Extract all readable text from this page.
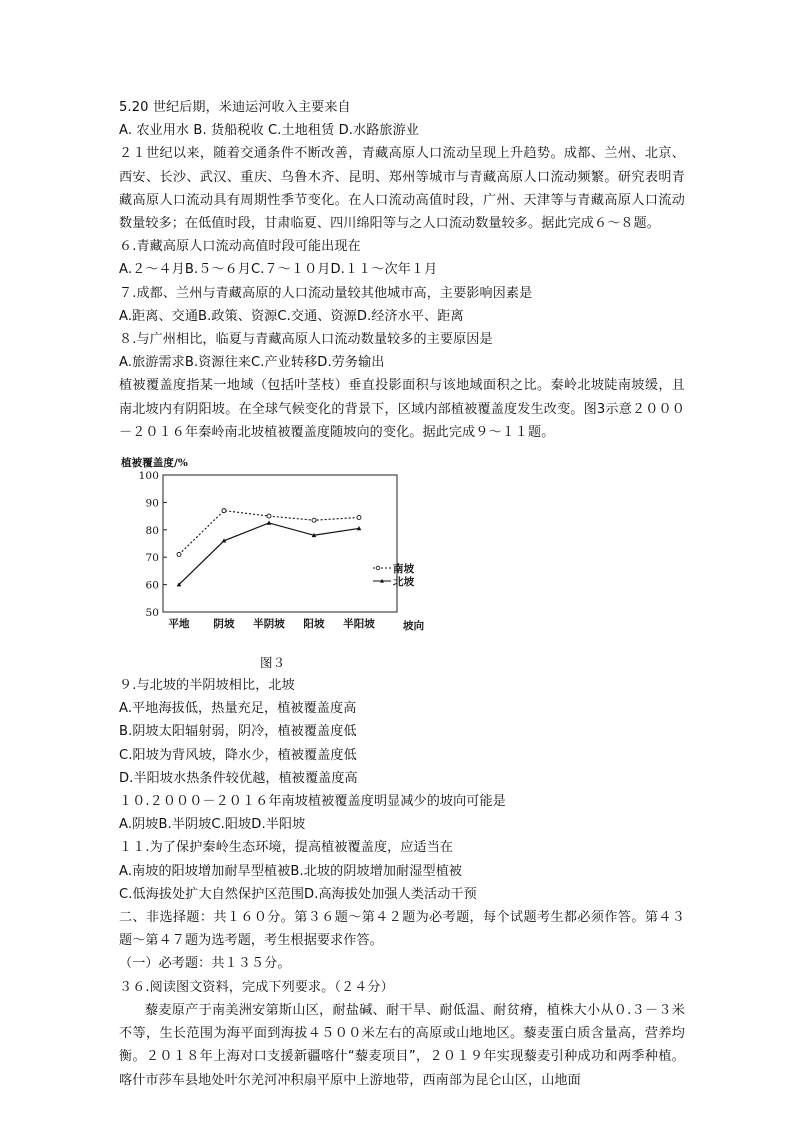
5.20 世纪后期，米迪运河收入主要来自
A. 农业用水 B. 货船税收 C.土地租赁 D.水路旅游业
２１世纪以来，随着交通条件不断改善，青藏高原人口流动呈现上升趋势。成都、兰州、北京、西安、长沙、武汉、重庆、乌鲁木齐、昆明、郑州等城市与青藏高原人口流动频繁。研究表明青藏高原人口流动具有周期性季节变化。在人口流动高值时段，广州、天津等与青藏高原人口流动数量较多；在低值时段，甘肃临夏、四川绵阳等与之人口流动数量较多。据此完成６～８题。
６.青藏高原人口流动高值时段可能出现在
A.２～４月B.５～６月C.７～１０月D.１１～次年１月
７.成都、兰州与青藏高原的人口流动量较其他城市高，主要影响因素是
A.距离、交通B.政策、资源C.交通、资源D.经济水平、距离
８.与广州相比，临夏与青藏高原人口流动数量较多的主要原因是
A.旅游需求B.资源往来C.产业转移D.劳务输出
植被覆盖度指某一地域（包括叶茎枝）垂直投影面积与该地域面积之比。秦岭北坡陡南坡缓，且南北坡内有阴阳坡。在全球气候变化的背景下，区域内部植被覆盖度发生改变。图3示意２０００－２０１６年秦岭南北坡植被覆盖度随坡向的变化。据此完成９～１１题。
100
90
80
70
60
50
植被覆盖度/%
平地 阴坡 半阴坡 阳坡 半阳坡	坡向
南坡
北坡
图３
９.与北坡的半阴坡相比，北坡
A.平地海拔低，热量充足，植被覆盖度高
B.阴坡太阳辐射弱，阴冷，植被覆盖度低
C.阳坡为背风坡，降水少，植被覆盖度低
D.半阳坡水热条件较优越，植被覆盖度高
１０.２０００－２０１６年南坡植被覆盖度明显减少的坡向可能是
A.阴坡B.半阴坡C.阳坡D.半阳坡
１１.为了保护秦岭生态环境，提高植被覆盖度，应适当在
A.南坡的阳坡增加耐旱型植被B.北坡的阴坡增加耐湿型植被
C.低海拔处扩大自然保护区范围D.高海拔处加强人类活动干预
二、非选择题：共１６０分。第３６题～第４２题为必考题，每个试题考生都必须作答。第４３题～第４７题为选考题，考生根据要求作答。
（一）必考题：共１３５分。
３６.阅读图文资料，完成下列要求。（２４分）
藜麦原产于南美洲安第斯山区，耐盐碱、耐干旱、耐低温、耐贫瘠，植株大小从０.３－３米不等，生长范围为海平面到海拔４５００米左右的高原或山地地区。藜麦蛋白质含量高，营养均衡。２０１８年上海对口支援新疆喀什“藜麦项目”，２０１９年实现藜麦引种成功和两季种植。喀什市莎车县地处叶尔羌河冲积扇平原中上游地带，西南部为昆仑山区，山地面
